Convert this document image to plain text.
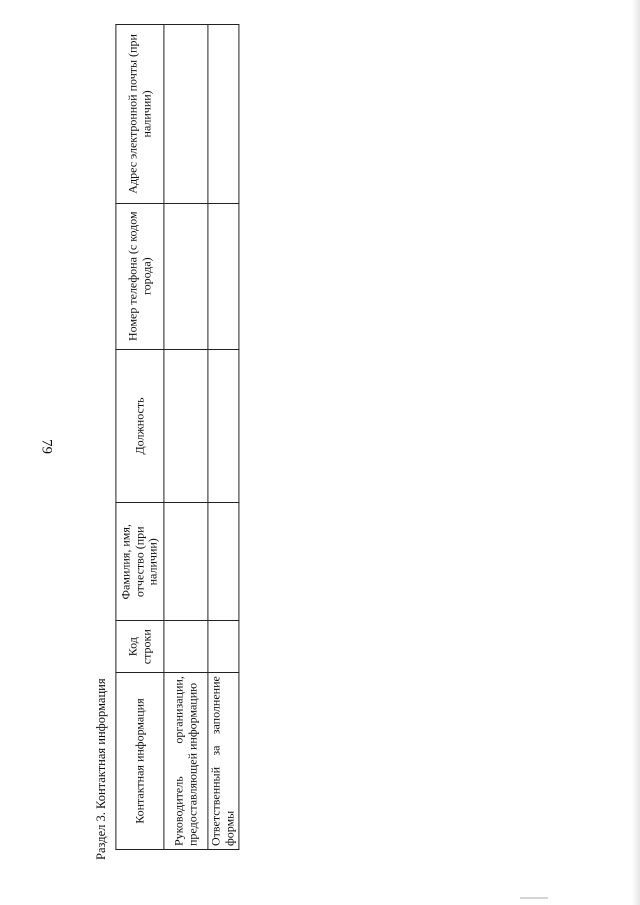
79
Контактная информация	Код строки	Фамилия, имя, отчество (при наличии)	Должность	Номер телефона (с кодом города)	Адрес электронной почты (при наличии)
Руководитель организации, предоставляющей информацию					
Ответственный за заполнение формы					
Раздел 3. Контактная информация
